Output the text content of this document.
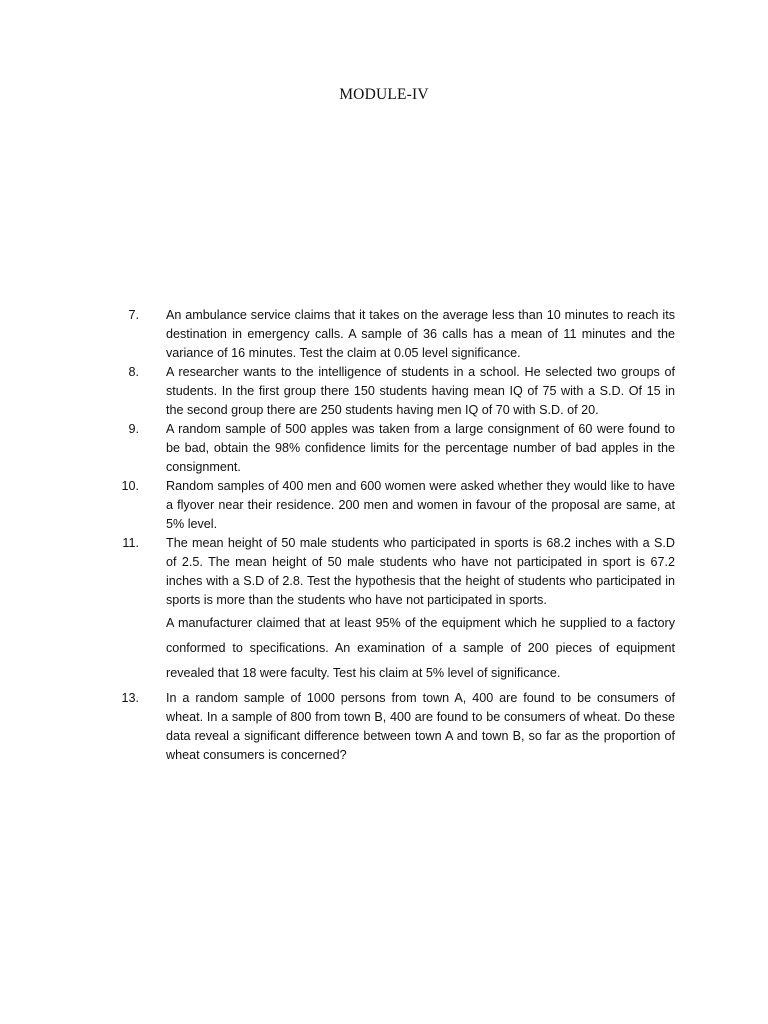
MODULE-IV
7. An ambulance service claims that it takes on the average less than 10 minutes to reach its destination in emergency calls. A sample of 36 calls has a mean of 11 minutes and the variance of 16 minutes. Test the claim at 0.05 level significance.
8. A researcher wants to the intelligence of students in a school. He selected two groups of students. In the first group there 150 students having mean IQ of 75 with a S.D. Of 15 in the second group there are 250 students having men IQ of 70 with S.D. of 20.
9. A random sample of 500 apples was taken from a large consignment of 60 were found to be bad, obtain the 98% confidence limits for the percentage number of bad apples in the consignment.
10. Random samples of 400 men and 600 women were asked whether they would like to have a flyover near their residence. 200 men and women in favour of the proposal are same, at 5% level.
11. The mean height of 50 male students who participated in sports is 68.2 inches with a S.D of 2.5. The mean height of 50 male students who have not participated in sport is 67.2 inches with a S.D of 2.8. Test the hypothesis that the height of students who participated in sports is more than the students who have not participated in sports.
A manufacturer claimed that at least 95% of the equipment which he supplied to a factory conformed to specifications. An examination of a sample of 200 pieces of equipment revealed that 18 were faculty. Test his claim at 5% level of significance.
13. In a random sample of 1000 persons from town A, 400 are found to be consumers of wheat. In a sample of 800 from town B, 400 are found to be consumers of wheat. Do these data reveal a significant difference between town A and town B, so far as the proportion of wheat consumers is concerned?
